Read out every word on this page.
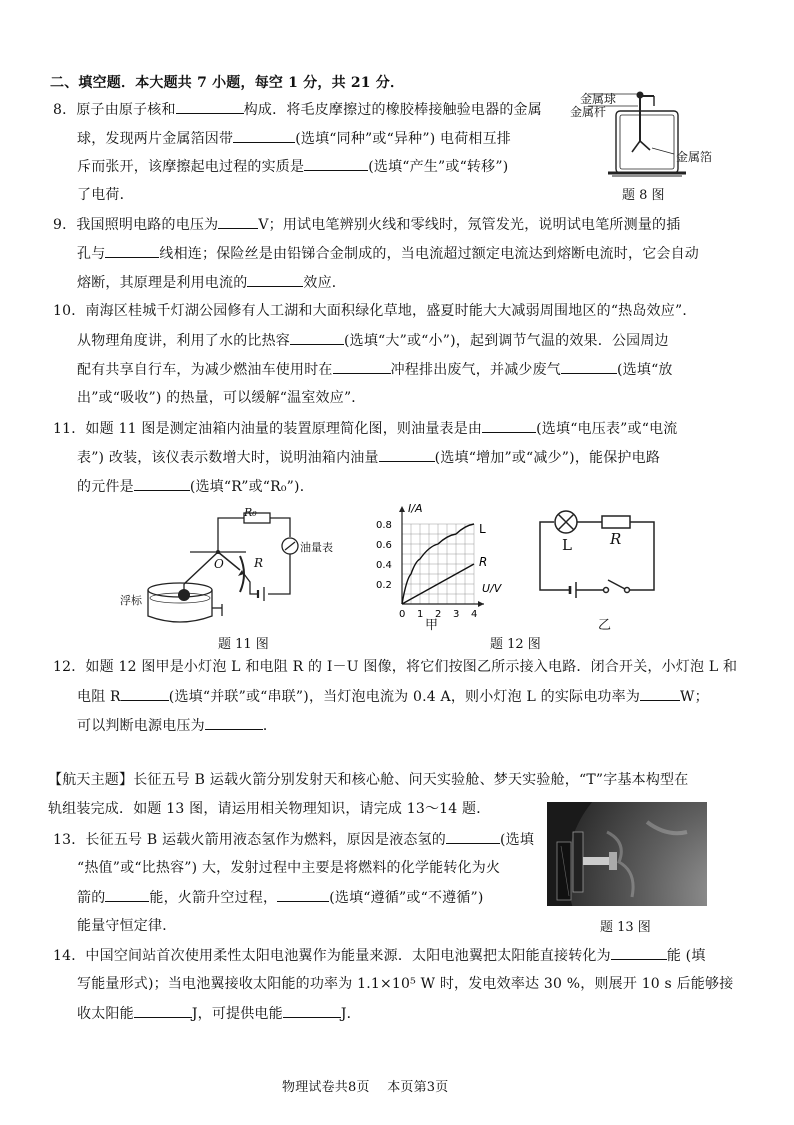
二、填空题．本大题共 7 小题，每空 1 分，共 21 分．
8．原子由原子核和	构成．将毛皮摩擦过的橡胶棒接触验电器的金属
球，发现两片金属箔因带	(选填“同种”或“异种”) 电荷相互排
斥而张开，该摩擦起电过程的实质是	(选填“产生”或“转移”)
了电荷．
金属球
金属杆
金属箔
题 8 图
9．我国照明电路的电压为	V；用试电笔辨别火线和零线时，氖管发光，说明试电笔所测量的插
孔与	线相连；保险丝是由铅锑合金制成的，当电流超过额定电流达到熔断电流时，它会自动
熔断，其原理是利用电流的	效应．
10．南海区桂城千灯湖公园修有人工湖和大面积绿化草地，盛夏时能大大减弱周围地区的“热岛效应”．
从物理角度讲，利用了水的比热容	(选填“大”或“小”)，起到调节气温的效果．公园周边
配有共享自行车，为减少燃油车使用时在	冲程排出废气，并减少废气	(选填“放
出”或“吸收”) 的热量，可以缓解“温室效应”．
11．如题 11 图是测定油箱内油量的装置原理简化图，则油量表是由	(选填“电压表”或“电流
表”) 改装，该仪表示数增大时，说明油箱内油量	(选填“增加”或“减少”)，能保护电路
的元件是	(选填“R”或“R₀”)．
R₀
油量表
O	R
浮标
题 11 图
0.8
0.6
0.4
0.2
0 1 2 3 4
I/A
U/V
L
R
甲
题 12 图
L	R
乙
12．如题 12 图甲是小灯泡 L 和电阻 R 的 I－U 图像，将它们按图乙所示接入电路．闭合开关，小灯泡 L 和
电阻 R	(选填“并联”或“串联”)，当灯泡电流为 0.4 A，则小灯泡 L 的实际电功率为	W；
可以判断电源电压为	．
【航天主题】长征五号 B 运载火箭分别发射天和核心舱、问天实验舱、梦天实验舱，“T”字基本构型在
轨组装完成．如题 13 图，请运用相关物理知识，请完成 13～14 题．
题 13 图
13．长征五号 B 运载火箭用液态氢作为燃料，原因是液态氢的	(选填
“热值”或“比热容”) 大，发射过程中主要是将燃料的化学能转化为火
箭的	能，火箭升空过程，	(选填“遵循”或“不遵循”)
能量守恒定律．
14．中国空间站首次使用柔性太阳电池翼作为能量来源．太阳电池翼把太阳能直接转化为	能 (填
写能量形式)；当电池翼接收太阳能的功率为 1.1×10⁵ W 时，发电效率达 30 %，则展开 10 s 后能够接
收太阳能	J，可提供电能	J．
物理试卷共8页　 本页第3页
